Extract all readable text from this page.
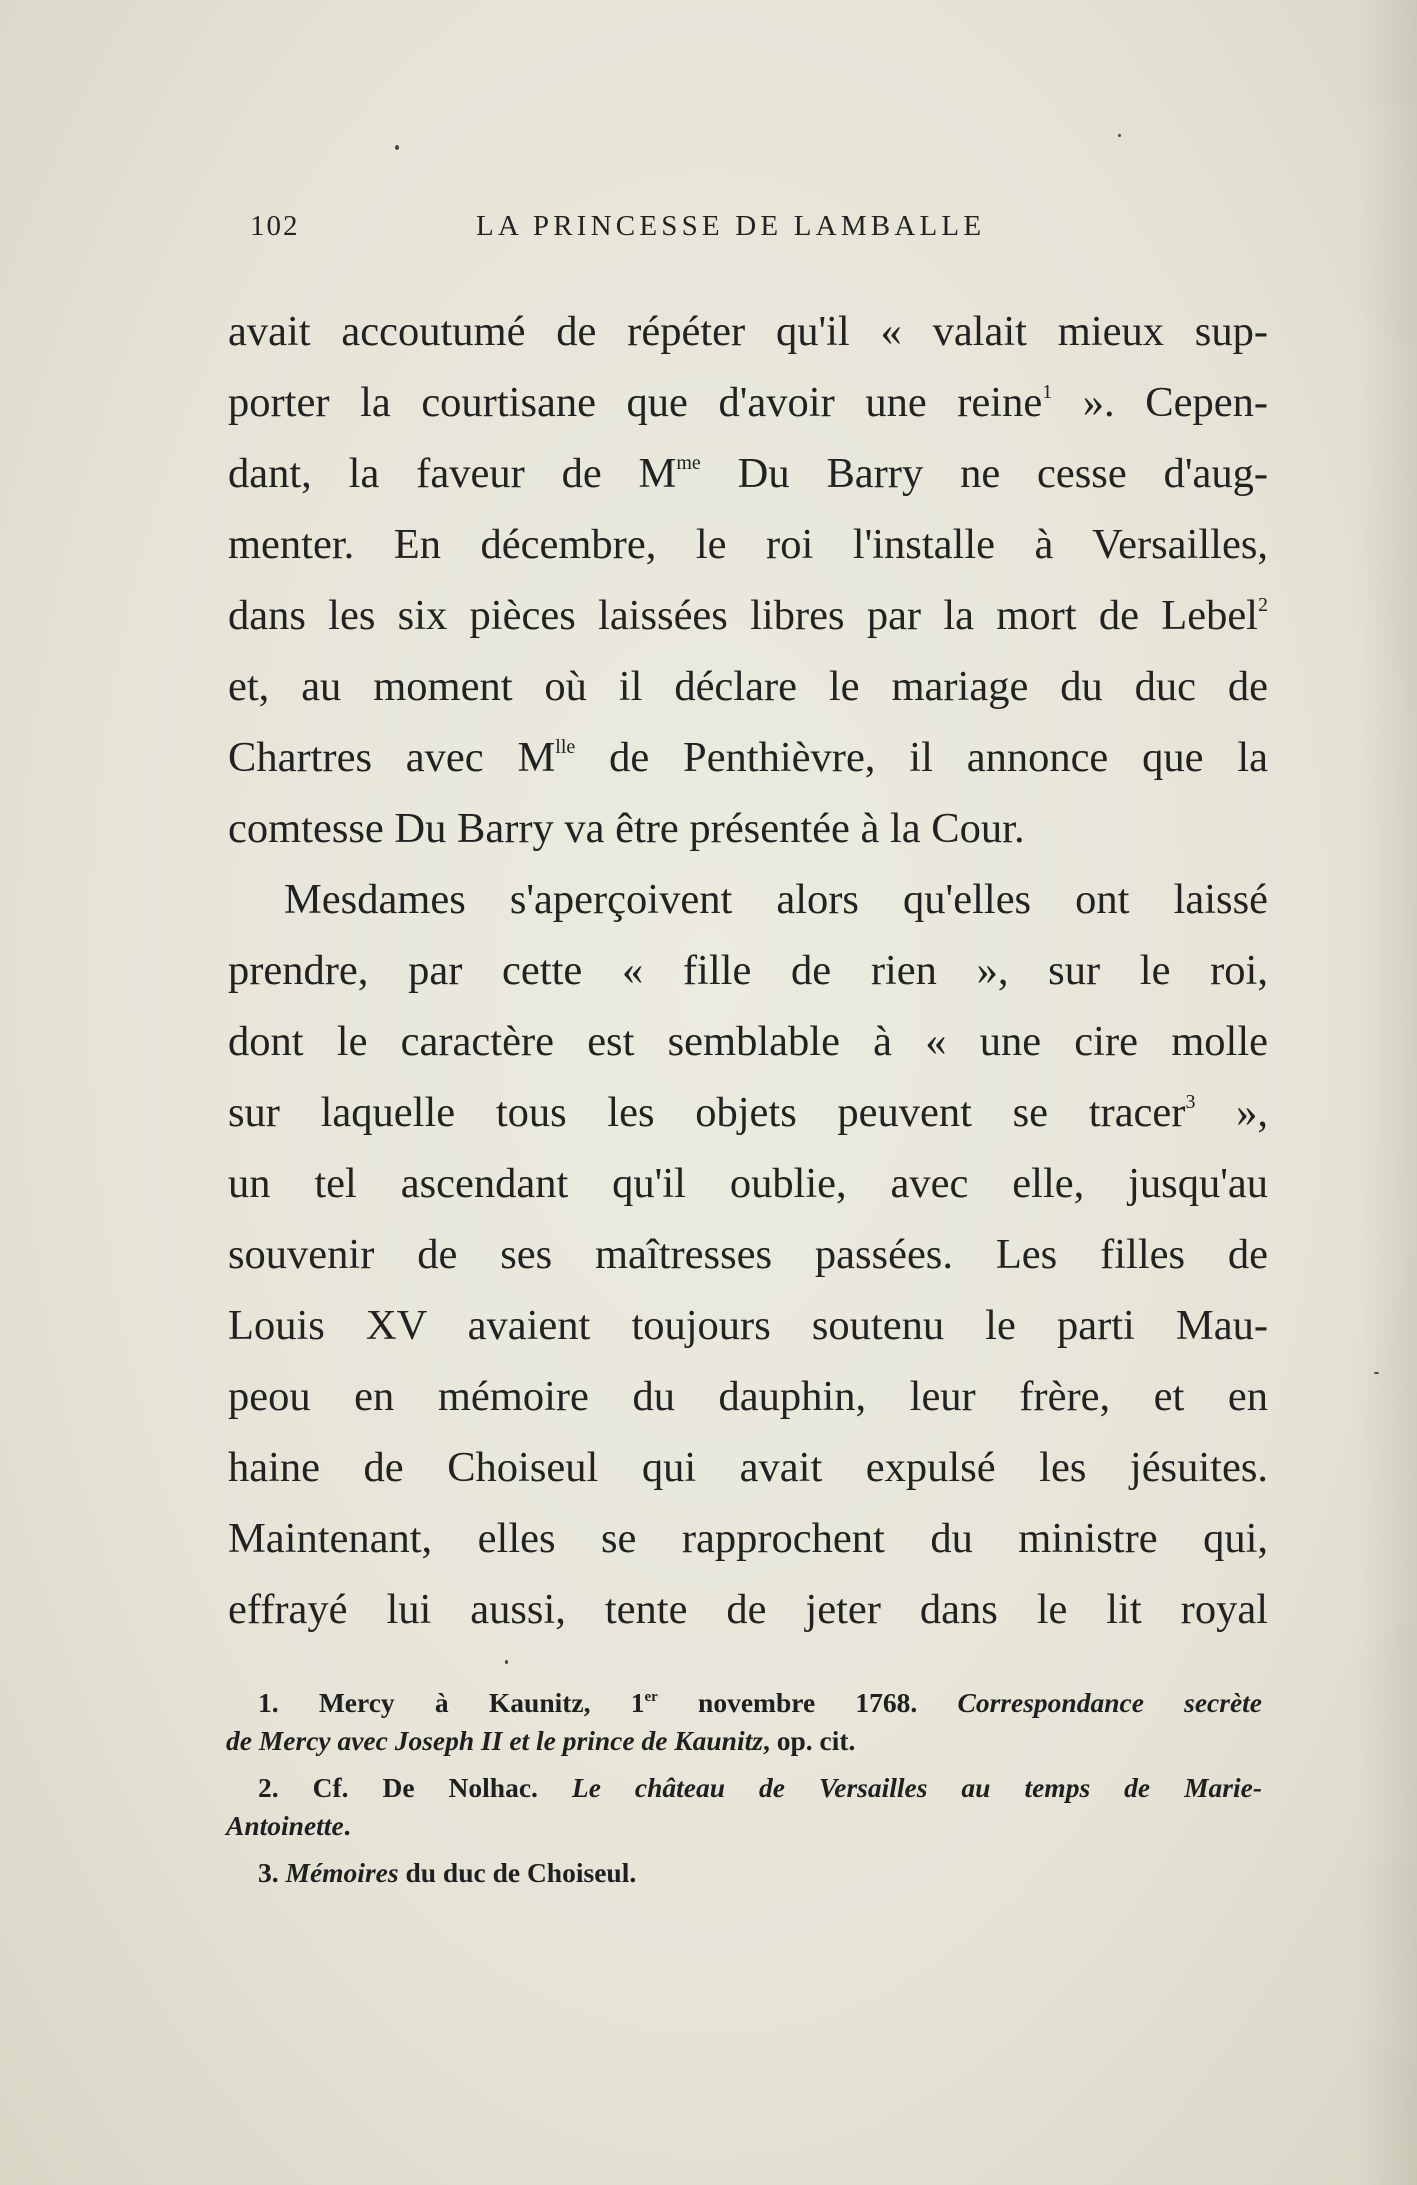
102	LA PRINCESSE DE LAMBALLE
avait accoutumé de répéter qu'il « valait mieux sup-
porter la courtisane que d'avoir une reine$^1$ ». Cepen-
dant, la faveur de $M^{me}$ Du Barry ne cesse d'aug-
menter. En décembre, le roi l'installe à Versailles,
dans les six pièces laissées libres par la mort de Lebel$^2$
et, au moment où il déclare le mariage du duc de
Chartres avec $M^{lle}$ de Penthièvre, il annonce que la
comtesse Du Barry va être présentée à la Cour.
Mesdames s'aperçoivent alors qu'elles ont laissé
prendre, par cette « fille de rien », sur le roi,
dont le caractère est semblable à « une cire molle
sur laquelle tous les objets peuvent se tracer$^3$ »,
un tel ascendant qu'il oublie, avec elle, jusqu'au
souvenir de ses maîtresses passées. Les filles de
Louis XV avaient toujours soutenu le parti Mau-
peou en mémoire du dauphin, leur frère, et en
haine de Choiseul qui avait expulsé les jésuites.
Maintenant, elles se rapprochent du ministre qui,
effrayé lui aussi, tente de jeter dans le lit royal
1. Mercy à Kaunitz, 1er novembre 1768. Correspondance secrète
de Mercy avec Joseph II et le prince de Kaunitz, op. cit.
2. Cf. De Nolhac. Le château de Versailles au temps de Marie-
Antoinette.
3. Mémoires du duc de Choiseul.
